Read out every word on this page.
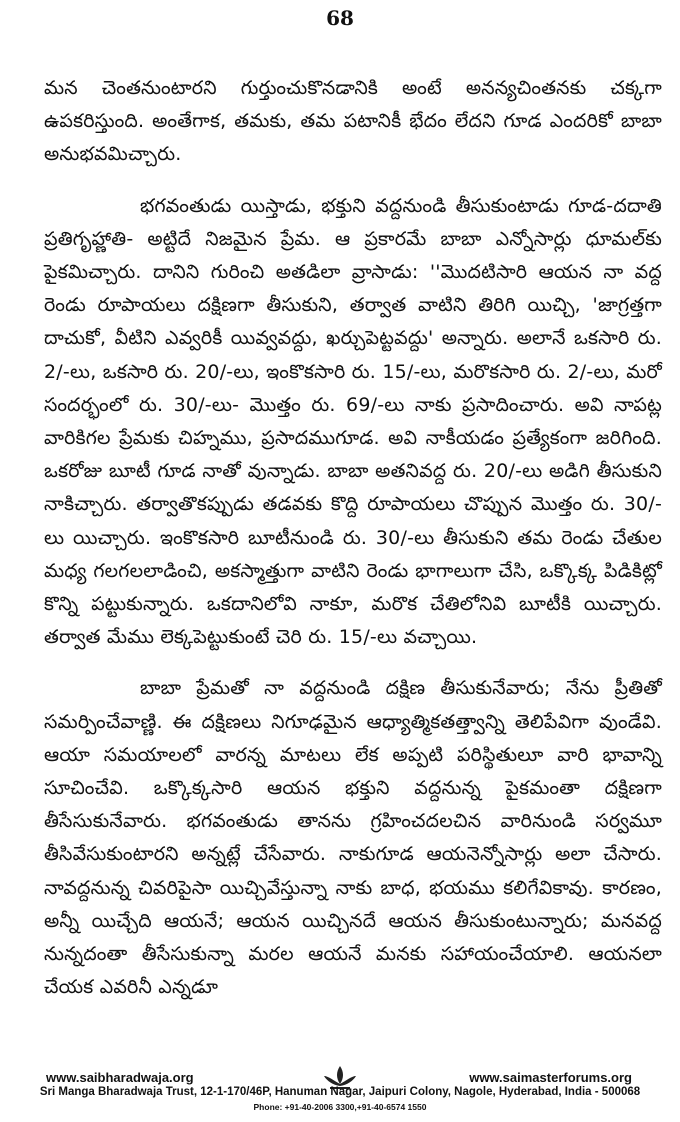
68

మన చెంతనుంటారని గుర్తుంచుకొనడానికి అంటే అనన్యచింతనకు చక్కగా ఉపకరిస్తుంది. అంతేగాక, తమకు, తమ పటానికీ భేదం లేదని గూడ ఎందరికో బాబా అనుభవమిచ్చారు.

భగవంతుడు యిస్తాడు, భక్తుని వద్దనుండి తీసుకుంటాడు గూడ-దదాతి ప్రతిగృహ్ణాతి- అట్టిదే నిజమైన ప్రేమ. ఆ ప్రకారమే బాబా ఎన్నోసార్లు ధూమల్‌కు పైకమిచ్చారు. దానిని గురించి అతడిలా వ్రాసాడు: ''మొదటిసారి ఆయన నా వద్ద రెండు రూపాయలు దక్షిణగా తీసుకుని, తర్వాత వాటిని తిరిగి యిచ్చి, 'జాగ్రత్తగా దాచుకో, వీటిని ఎవ్వరికీ యివ్వవద్దు, ఖర్చుపెట్టవద్దు' అన్నారు. అలానే ఒకసారి రు. 2/-లు, ఒకసారి రు. 20/-లు, ఇంకొకసారి రు. 15/-లు, మరొకసారి రు. 2/-లు, మరో సందర్భంలో రు. 30/-లు- మొత్తం రు. 69/-లు నాకు ప్రసాదించారు. అవి నాపట్ల వారికిగల ప్రేమకు చిహ్నము, ప్రసాదముగూడ. అవి నాకీయడం ప్రత్యేకంగా జరిగింది. ఒకరోజు బూటీ గూడ నాతో వున్నాడు. బాబా అతనివద్ద రు. 20/-లు అడిగి తీసుకుని నాకిచ్చారు. తర్వాతొకప్పుడు తడవకు కొద్ది రూపాయలు చొప్పున మొత్తం రు. 30/-లు యిచ్చారు. ఇంకొకసారి బూటీనుండి రు. 30/-లు తీసుకుని తమ రెండు చేతుల మధ్య గలగలలాడించి, అకస్మాత్తుగా వాటిని రెండు భాగాలుగా చేసి, ఒక్కొక్క పిడికిట్లో కొన్ని పట్టుకున్నారు. ఒకదానిలోవి నాకూ, మరొక చేతిలోనివి బూటీకి యిచ్చారు. తర్వాత మేము లెక్కపెట్టుకుంటే చెరి రు. 15/-లు వచ్చాయి.

బాబా ప్రేమతో నా వద్దనుండి దక్షిణ తీసుకునేవారు; నేను ప్రీతితో సమర్పించేవాణ్ణి. ఈ దక్షిణలు నిగూఢమైన ఆధ్యాత్మికతత్త్వాన్ని తెలిపేవిగా వుండేవి. ఆయా సమయాలలో వారన్న మాటలు లేక అప్పటి పరిస్థితులూ వారి భావాన్ని సూచించేవి. ఒక్కొక్కసారి ఆయన భక్తుని వద్దనున్న పైకమంతా దక్షిణగా తీసేసుకునేవారు. భగవంతుడు తానను గ్రహించదలచిన వారినుండి సర్వమూ తీసివేసుకుంటారని అన్నట్లే చేసేవారు. నాకుగూడ ఆయనెన్నోసార్లు అలా చేసారు. నావద్దనున్న చివరిపైసా యిచ్చివేస్తున్నా నాకు బాధ, భయము కలిగేవికావు. కారణం, అన్నీ యిచ్చేది ఆయనే; ఆయన యిచ్చినదే ఆయన తీసుకుంటున్నారు; మనవద్ద నున్నదంతా తీసేసుకున్నా మరల ఆయనే మనకు సహాయంచేయాలి. ఆయనలా చేయక ఎవరినీ ఎన్నడూ

www.saibharadwaja.org	www.saimasterforums.org
Sri Manga Bharadwaja Trust, 12-1-170/46P, Hanuman Nagar, Jaipuri Colony, Nagole, Hyderabad, India - 500068
Phone: +91-40-2006 3300,+91-40-6574 1550
